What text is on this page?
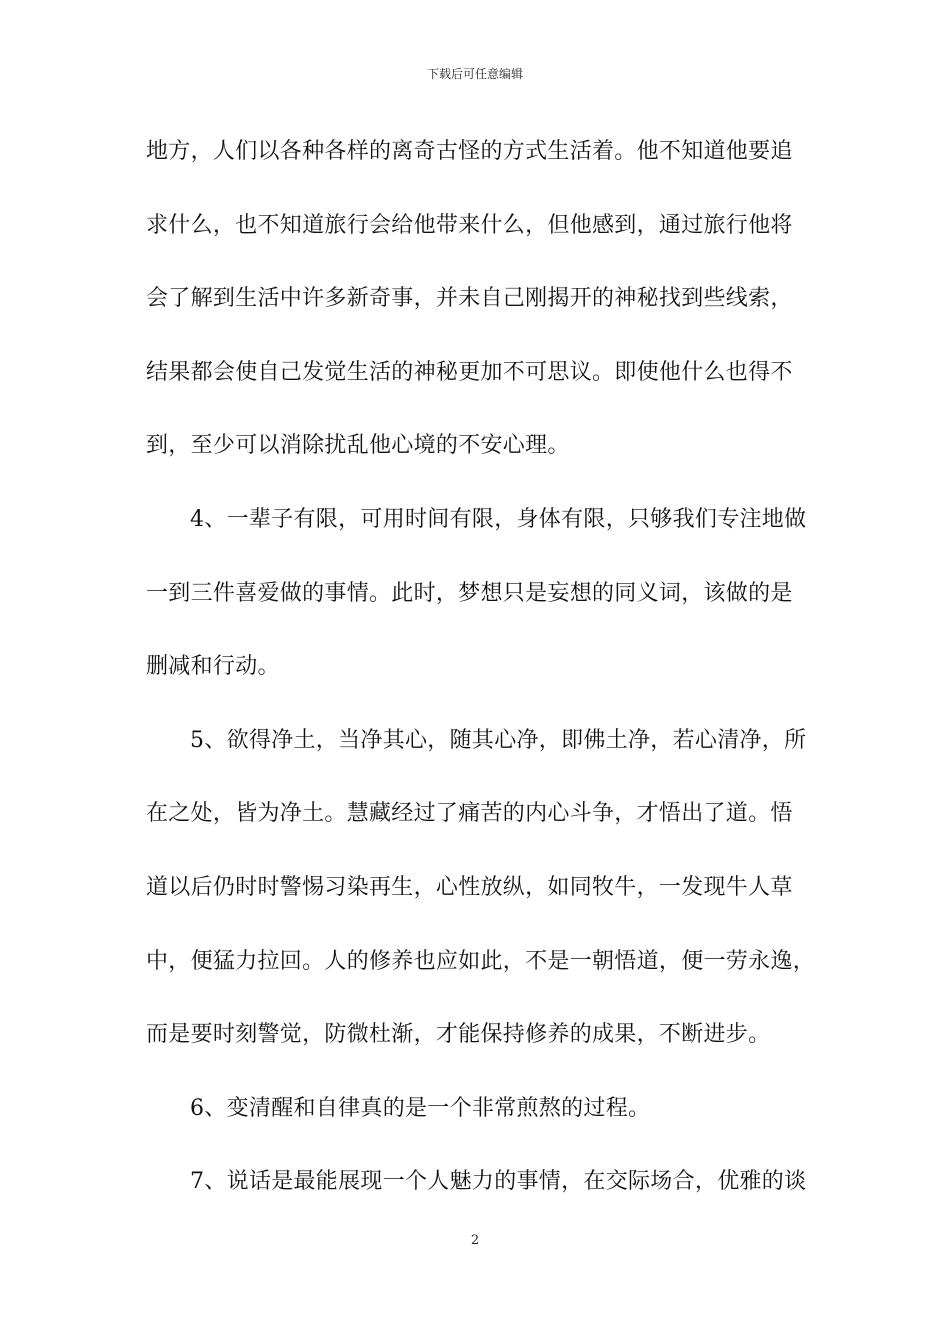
下载后可任意编辑
地方，人们以各种各样的离奇古怪的方式生活着。他不知道他要追
求什么，也不知道旅行会给他带来什么，但他感到，通过旅行他将
会了解到生活中许多新奇事，并未自己刚揭开的神秘找到些线索，
结果都会使自己发觉生活的神秘更加不可思议。即使他什么也得不
到，至少可以消除扰乱他心境的不安心理。
4、一辈子有限，可用时间有限，身体有限，只够我们专注地做
一到三件喜爱做的事情。此时，梦想只是妄想的同义词，该做的是
删减和行动。
5、欲得净土，当净其心，随其心净，即佛土净，若心清净，所
在之处，皆为净土。慧藏经过了痛苦的内心斗争，才悟出了道。悟
道以后仍时时警惕习染再生，心性放纵，如同牧牛，一发现牛人草
中，便猛力拉回。人的修养也应如此，不是一朝悟道，便一劳永逸，
而是要时刻警觉，防微杜渐，才能保持修养的成果，不断进步。
6、变清醒和自律真的是一个非常煎熬的过程。
7、说话是最能展现一个人魅力的事情，在交际场合，优雅的谈
2
